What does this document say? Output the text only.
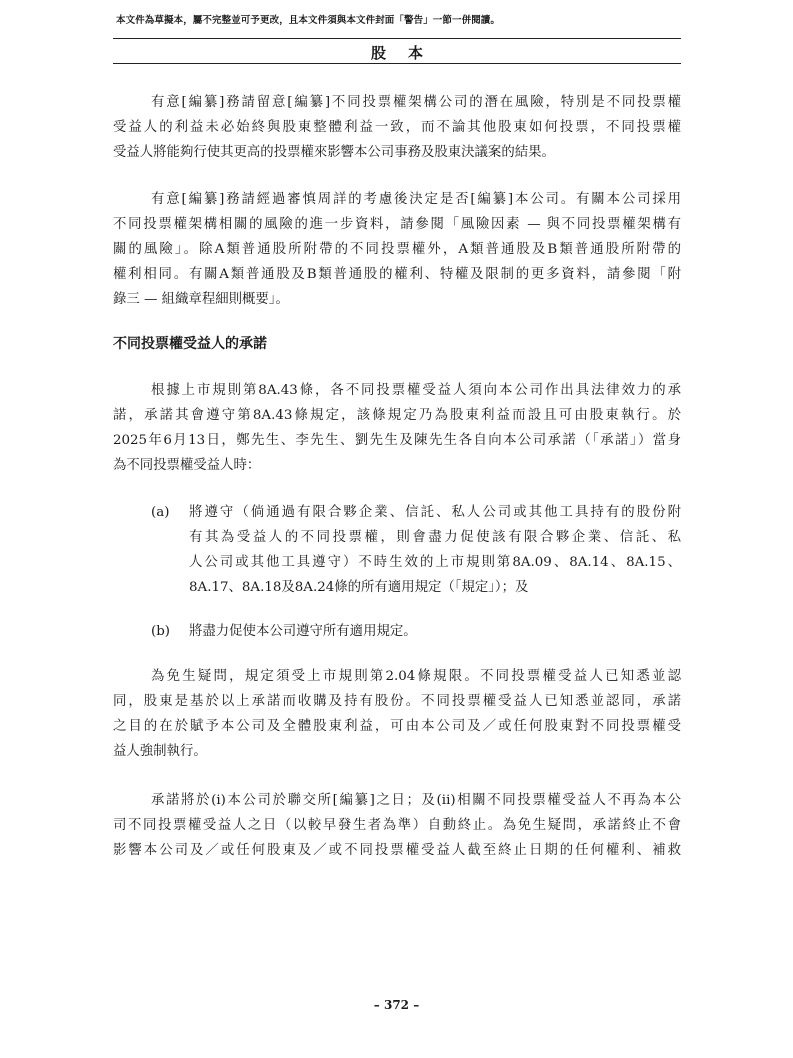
本文件為草擬本，屬不完整並可予更改，且本文件須與本文件封面「警告」一節一併閱讀。
股本
有意[編纂]務請留意[編纂]不同投票權架構公司的潛在風險，特別是不同投票權
受益人的利益未必始終與股東整體利益一致，而不論其他股東如何投票，不同投票權
受益人將能夠行使其更高的投票權來影響本公司事務及股東決議案的結果。
有意[編纂]務請經過審慎周詳的考慮後決定是否[編纂]本公司。有關本公司採用
不同投票權架構相關的風險的進一步資料，請參閱「風險因素 — 與不同投票權架構有
關的風險」。除A類普通股所附帶的不同投票權外，A類普通股及B類普通股所附帶的
權利相同。有關A類普通股及B類普通股的權利、特權及限制的更多資料，請參閱「附
錄三 — 組織章程細則概要」。
不同投票權受益人的承諾
根據上市規則第8A.43條，各不同投票權受益人須向本公司作出具法律效力的承
諾，承諾其會遵守第8A.43條規定，該條規定乃為股東利益而設且可由股東執行。於
2025年6月13日，鄭先生、李先生、劉先生及陳先生各自向本公司承諾（「承諾」）當身
為不同投票權受益人時：
(a) 將遵守（倘通過有限合夥企業、信託、私人公司或其他工具持有的股份附
有其為受益人的不同投票權，則會盡力促使該有限合夥企業、信託、私
人公司或其他工具遵守）不時生效的上市規則第8A.09、8A.14、8A.15、
8A.17、8A.18及8A.24條的所有適用規定（「規定」）；及
(b) 將盡力促使本公司遵守所有適用規定。
為免生疑問，規定須受上市規則第2.04條規限。不同投票權受益人已知悉並認
同，股東是基於以上承諾而收購及持有股份。不同投票權受益人已知悉並認同，承諾
之目的在於賦予本公司及全體股東利益，可由本公司及／或任何股東對不同投票權受
益人強制執行。
承諾將於(i)本公司於聯交所[編纂]之日；及(ii)相關不同投票權受益人不再為本公
司不同投票權受益人之日（以較早發生者為準）自動終止。為免生疑問，承諾終止不會
影響本公司及／或任何股東及／或不同投票權受益人截至終止日期的任何權利、補救
– 372 –
